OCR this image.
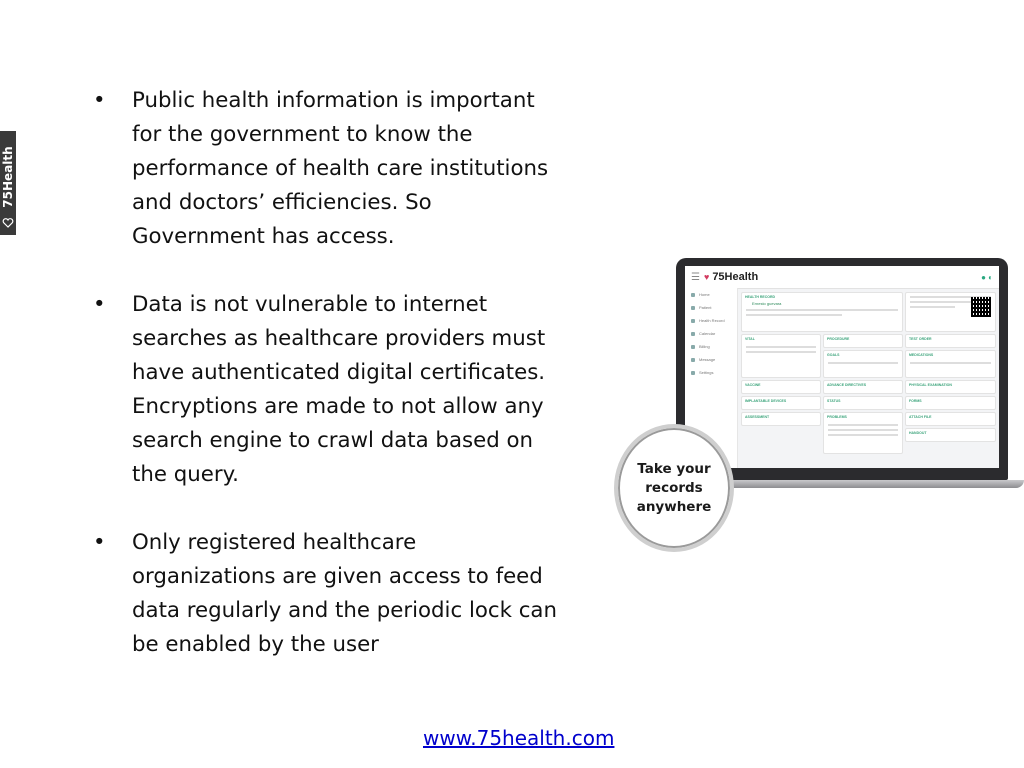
75Health
• Public health information is important for the government to know the performance of health care institutions and doctors’ efficiencies. So Government has access.
• Data is not vulnerable to internet searches as healthcare providers must have authenticated digital certificates. Encryptions are made to not allow any search engine to crawl data based on the query.
• Only registered healthcare organizations are given access to feed data regularly and the periodic lock can be enabled by the user
☰ ♥ 75Health	● ◐
Home
Patient
Health Record
Calendar
Billing
Message
Settings
HEALTH RECORD
Ernesto guevara
VITAL	PROCEDURE	TEST ORDER
GOALS	MEDICATIONS
VACCINE	ADVANCE DIRECTIVES	PHYSICAL EXAMINATION
IMPLANTABLE DEVICES	STATUS
ASSESSMENT	PROBLEMS
FORMS
ATTACH FILE
HANDOUT
Take your records anywhere
www.75health.com
